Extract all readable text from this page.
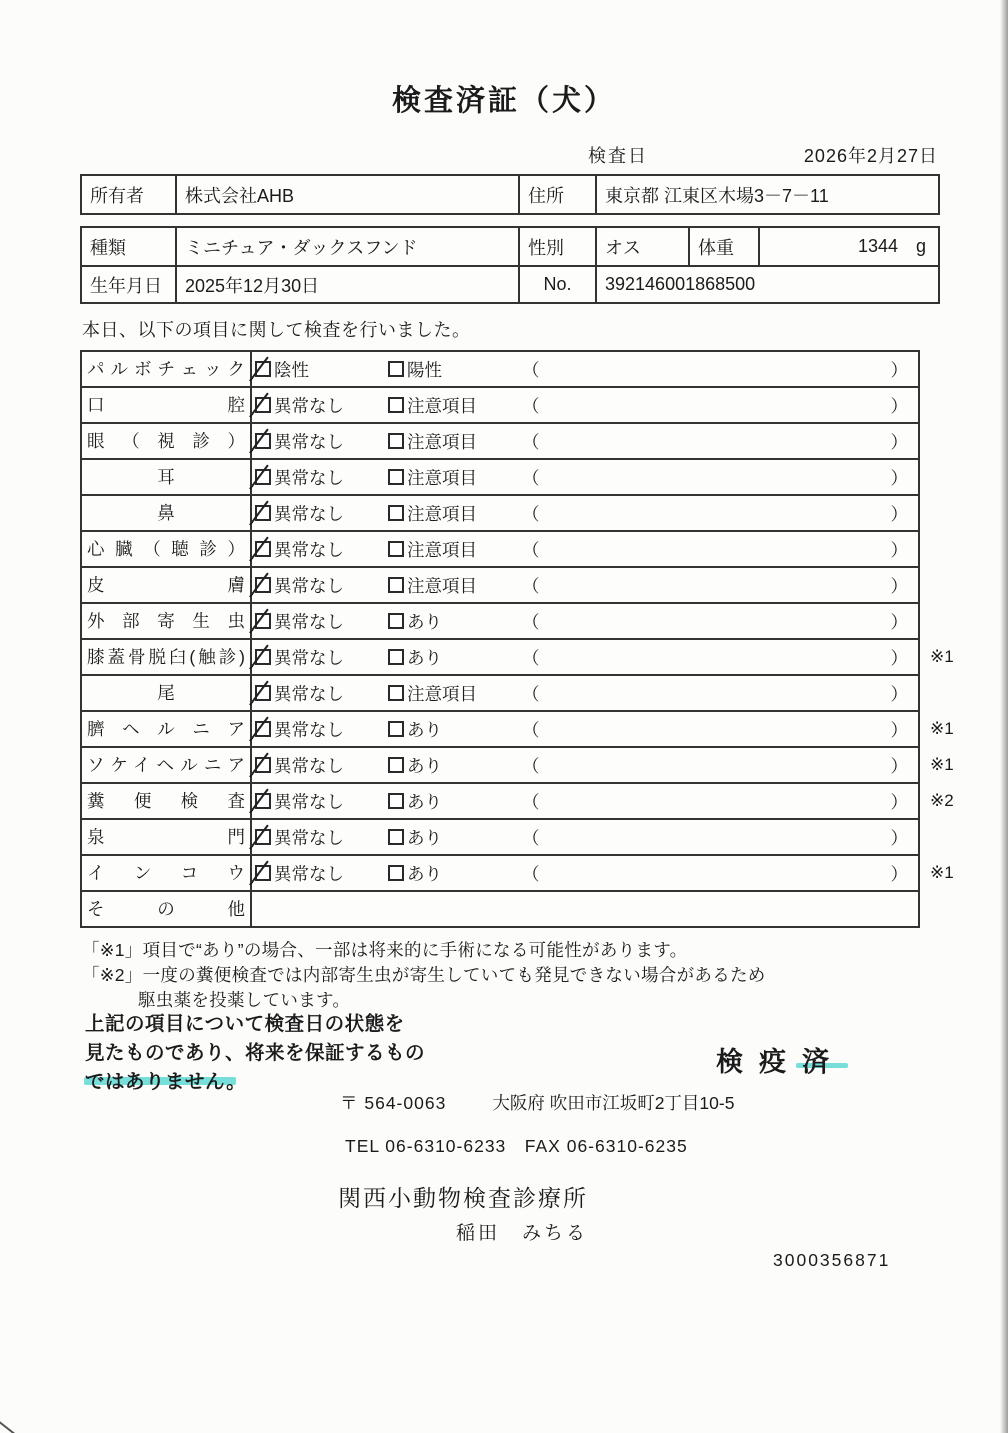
検査済証（犬）
検査日	2026年2月27日
所有者	株式会社AHB	住所	東京都 江東区木場3－7－11
種類	ミニチュア・ダックスフンド	性別	オス	体重	1344 g
生年月日	2025年12月30日	No.	392146001868500
本日、以下の項目に関して検査を行いました。
パルボチェック	陰性	陽性	（	）
口腔	異常なし	注意項目	（	）
眼（視診）	異常なし	注意項目	（	）
耳	異常なし	注意項目	（	）
鼻	異常なし	注意項目	（	）
心臓（聴診）	異常なし	注意項目	（	）
皮膚	異常なし	注意項目	（	）
外部寄生虫	異常なし	あり	（	）
膝蓋骨脱臼(触診)	異常なし	あり	（	） ※1
尾	異常なし	注意項目	（	）
臍ヘルニア	異常なし	あり	（	） ※1
ソケイヘルニア	異常なし	あり	（	） ※1
糞便検査	異常なし	あり	（	） ※2
泉門	異常なし	あり	（	）
インコウ	異常なし	あり	（	） ※1
その他
「※1」項目で“あり”の場合、一部は将来的に手術になる可能性があります。
「※2」一度の糞便検査では内部寄生虫が寄生していても発見できない場合があるため
駆虫薬を投薬しています。
上記の項目について検査日の状態を
見たものであり、将来を保証するもの
ではありません。
検疫済
〒 564-0063	大阪府 吹田市江坂町2丁目10-5
TEL 06-6310-6233　FAX 06-6310-6235
関西小動物検査診療所
稲田　みちる
3000356871
